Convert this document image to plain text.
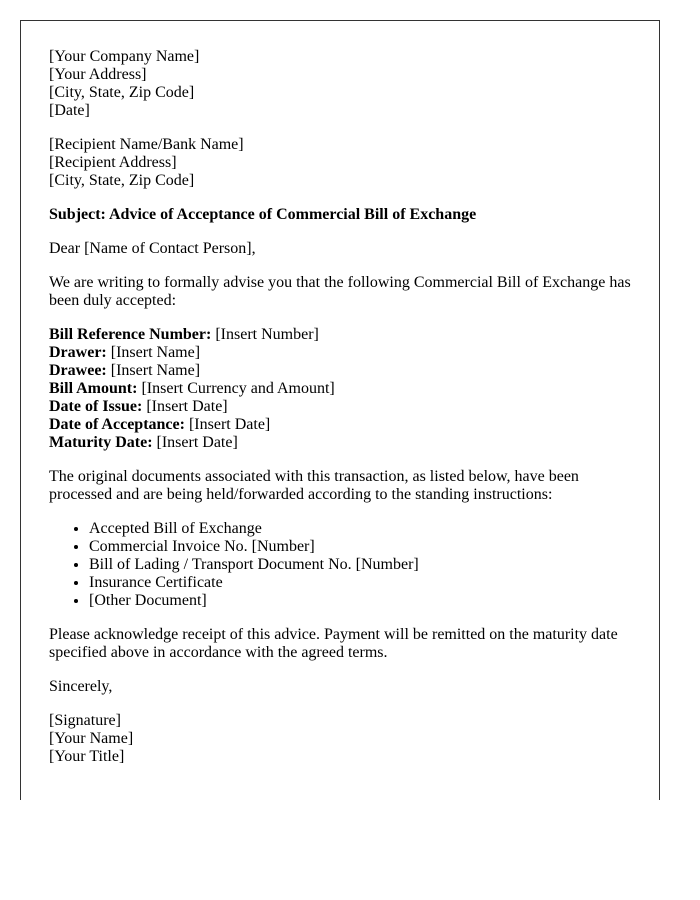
[Your Company Name]
[Your Address]
[City, State, Zip Code]
[Date]

[Recipient Name/Bank Name]
[Recipient Address]
[City, State, Zip Code]

Subject: Advice of Acceptance of Commercial Bill of Exchange

Dear [Name of Contact Person],

We are writing to formally advise you that the following Commercial Bill of Exchange has been duly accepted:

Bill Reference Number: [Insert Number]
Drawer: [Insert Name]
Drawee: [Insert Name]
Bill Amount: [Insert Currency and Amount]
Date of Issue: [Insert Date]
Date of Acceptance: [Insert Date]
Maturity Date: [Insert Date]

The original documents associated with this transaction, as listed below, have been processed and are being held/forwarded according to the standing instructions:

• Accepted Bill of Exchange
• Commercial Invoice No. [Number]
• Bill of Lading / Transport Document No. [Number]
• Insurance Certificate
• [Other Document]

Please acknowledge receipt of this advice. Payment will be remitted on the maturity date specified above in accordance with the agreed terms.

Sincerely,

[Signature]
[Your Name]
[Your Title]
